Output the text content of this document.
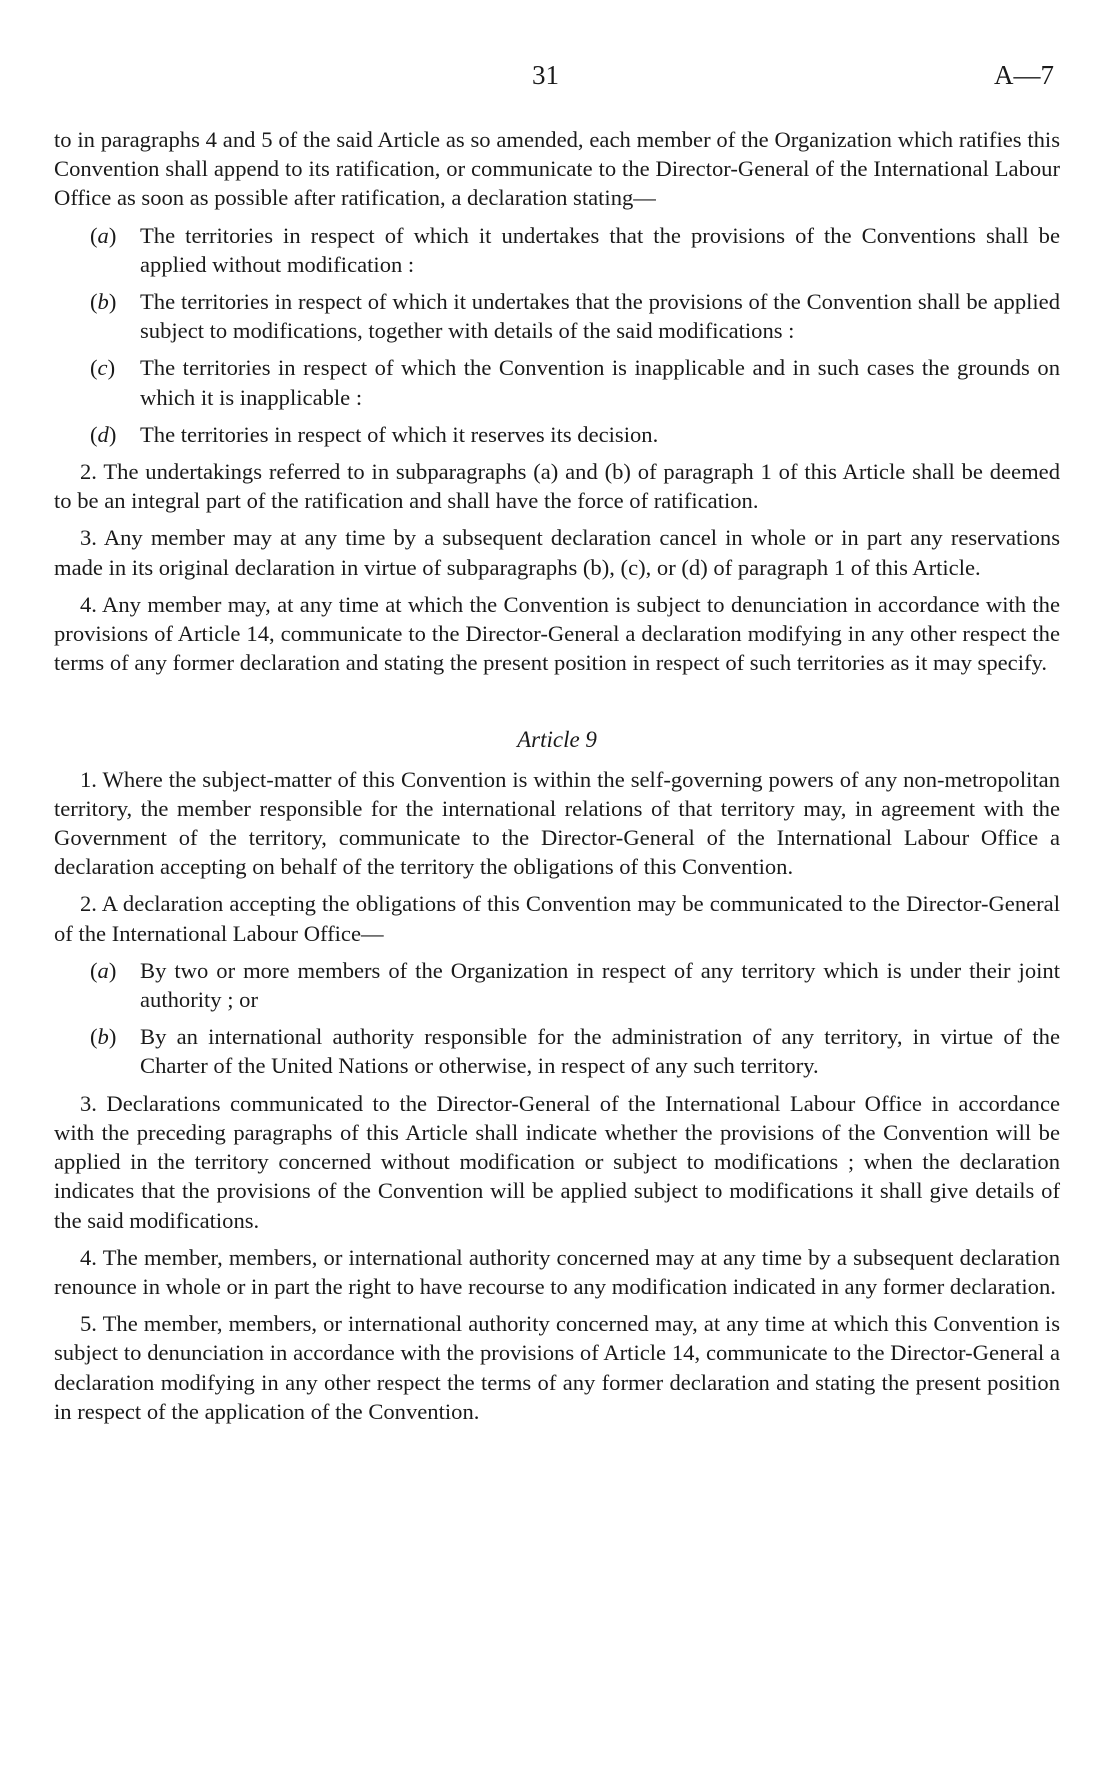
31	A—7

to in paragraphs 4 and 5 of the said Article as so amended, each member of the Organization which ratifies this Convention shall append to its ratification, or communicate to the Director-General of the International Labour Office as soon as possible after ratification, a declaration stating—

(a) The territories in respect of which it undertakes that the provisions of the Conventions shall be applied without modification :

(b) The territories in respect of which it undertakes that the provisions of the Convention shall be applied subject to modifications, together with details of the said modifications :

(c) The territories in respect of which the Convention is inapplicable and in such cases the grounds on which it is inapplicable :

(d) The territories in respect of which it reserves its decision.

2. The undertakings referred to in subparagraphs (a) and (b) of paragraph 1 of this Article shall be deemed to be an integral part of the ratification and shall have the force of ratification.

3. Any member may at any time by a subsequent declaration cancel in whole or in part any reservations made in its original declaration in virtue of subparagraphs (b), (c), or (d) of paragraph 1 of this Article.

4. Any member may, at any time at which the Convention is subject to denunciation in accordance with the provisions of Article 14, communicate to the Director-General a declaration modifying in any other respect the terms of any former declaration and stating the present position in respect of such territories as it may specify.

Article 9

1. Where the subject-matter of this Convention is within the self-governing powers of any non-metropolitan territory, the member responsible for the international relations of that territory may, in agreement with the Government of the territory, communicate to the Director-General of the International Labour Office a declaration accepting on behalf of the territory the obligations of this Convention.

2. A declaration accepting the obligations of this Convention may be communicated to the Director-General of the International Labour Office—

(a) By two or more members of the Organization in respect of any territory which is under their joint authority ; or

(b) By an international authority responsible for the administration of any territory, in virtue of the Charter of the United Nations or otherwise, in respect of any such territory.

3. Declarations communicated to the Director-General of the International Labour Office in accordance with the preceding paragraphs of this Article shall indicate whether the provisions of the Convention will be applied in the territory concerned without modification or subject to modifications ; when the declaration indicates that the provisions of the Convention will be applied subject to modifications it shall give details of the said modifications.

4. The member, members, or international authority concerned may at any time by a subsequent declaration renounce in whole or in part the right to have recourse to any modification indicated in any former declaration.

5. The member, members, or international authority concerned may, at any time at which this Convention is subject to denunciation in accordance with the provisions of Article 14, communicate to the Director-General a declaration modifying in any other respect the terms of any former declaration and stating the present position in respect of the application of the Convention.
